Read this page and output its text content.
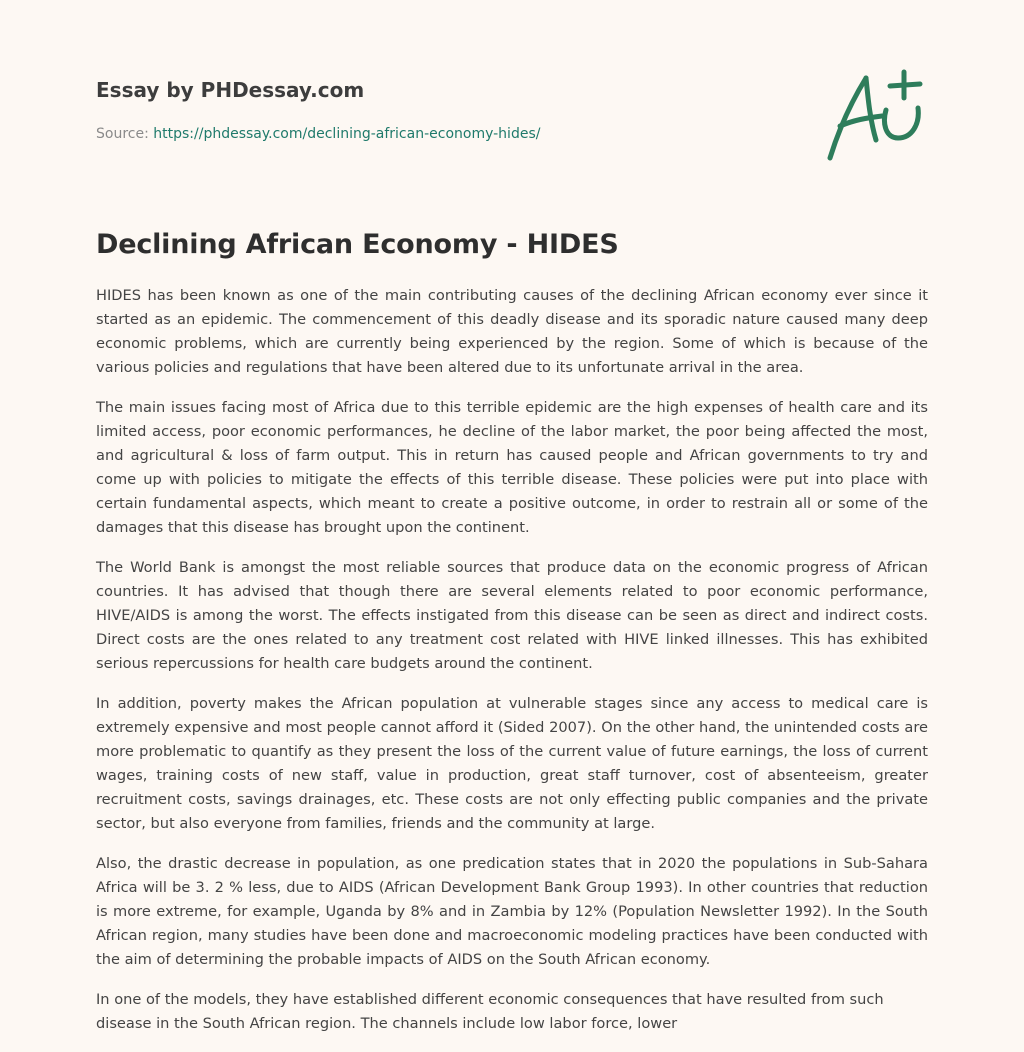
Essay by PHDessay.com
Source: https://phdessay.com/declining-african-economy-hides/
Declining African Economy - HIDES

HIDES has been known as one of the main contributing causes of the declining African economy ever since it started as an epidemic. The commencement of this deadly disease and its sporadic nature caused many deep economic problems, which are currently being experienced by the region. Some of which is because of the various policies and regulations that have been altered due to its unfortunate arrival in the area.

The main issues facing most of Africa due to this terrible epidemic are the high expenses of health care and its limited access, poor economic performances, he decline of the labor market, the poor being affected the most, and agricultural & loss of farm output. This in return has caused people and African governments to try and come up with policies to mitigate the effects of this terrible disease. These policies were put into place with certain fundamental aspects, which meant to create a positive outcome, in order to restrain all or some of the damages that this disease has brought upon the continent.

The World Bank is amongst the most reliable sources that produce data on the economic progress of African countries. It has advised that though there are several elements related to poor economic performance, HIVE/AIDS is among the worst. The effects instigated from this disease can be seen as direct and indirect costs. Direct costs are the ones related to any treatment cost related with HIVE linked illnesses. This has exhibited serious repercussions for health care budgets around the continent.

In addition, poverty makes the African population at vulnerable stages since any access to medical care is extremely expensive and most people cannot afford it (Sided 2007). On the other hand, the unintended costs are more problematic to quantify as they present the loss of the current value of future earnings, the loss of current wages, training costs of new staff, value in production, great staff turnover, cost of absenteeism, greater recruitment costs, savings drainages, etc. These costs are not only effecting public companies and the private sector, but also everyone from families, friends and the community at large.

Also, the drastic decrease in population, as one predication states that in 2020 the populations in Sub-Sahara Africa will be 3. 2 % less, due to AIDS (African Development Bank Group 1993). In other countries that reduction is more extreme, for example, Uganda by 8% and in Zambia by 12% (Population Newsletter 1992). In the South African region, many studies have been done and macroeconomic modeling practices have been conducted with the aim of determining the probable impacts of AIDS on the South African economy.

In one of the models, they have established different economic consequences that have resulted from such disease in the South African region. The channels include low labor force, lower
